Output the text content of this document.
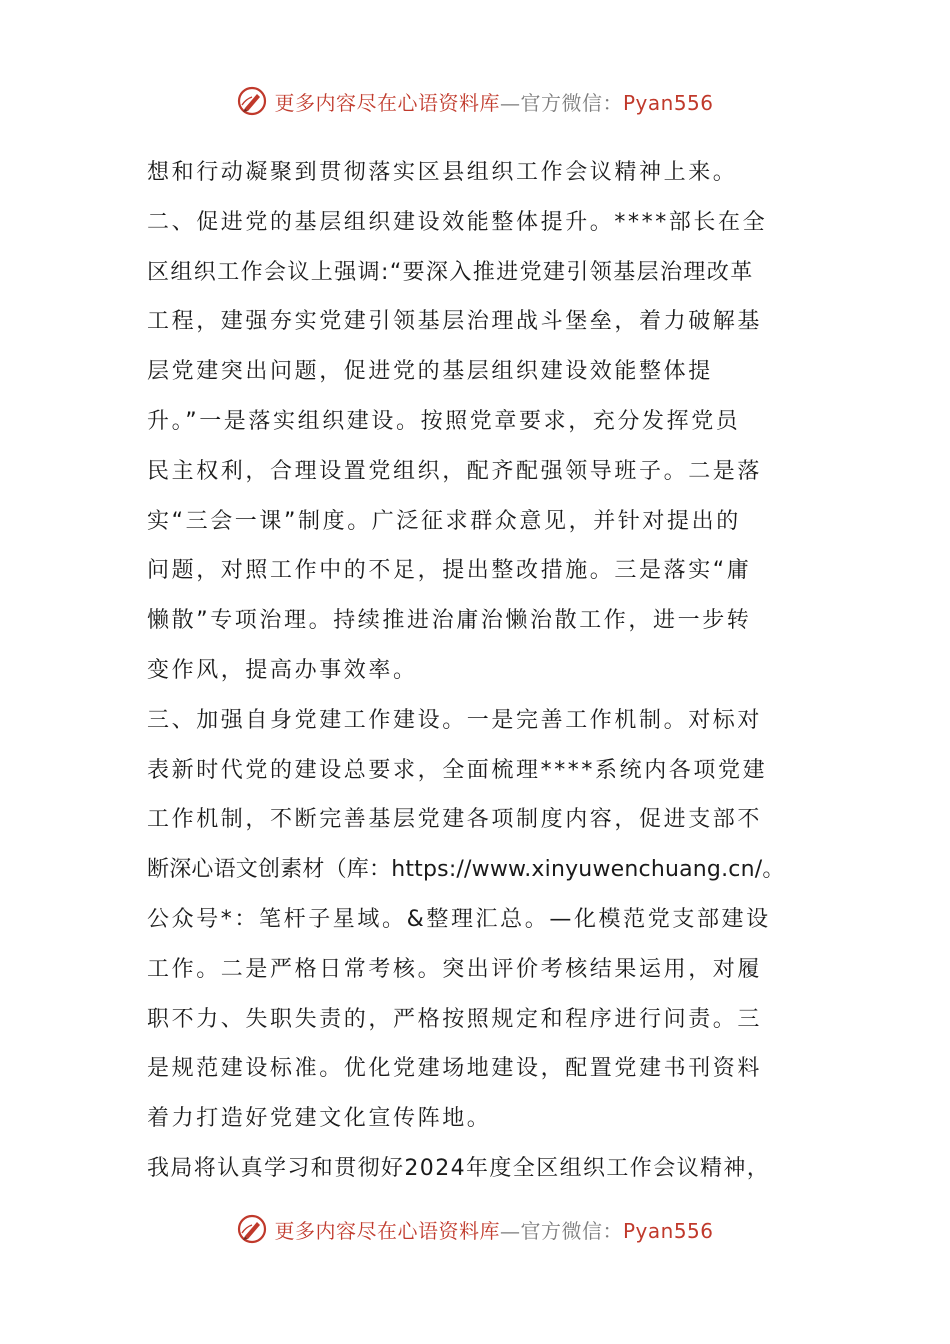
更多内容尽在心语资料库—官方微信：Pyan556
想和行动凝聚到贯彻落实区县组织工作会议精神上来。
二、促进党的基层组织建设效能整体提升。****部长在全
区组织工作会议上强调:“要深入推进党建引领基层治理改革
工程，建强夯实党建引领基层治理战斗堡垒，着力破解基
层党建突出问题，促进党的基层组织建设效能整体提
升。”一是落实组织建设。按照党章要求，充分发挥党员
民主权利，合理设置党组织，配齐配强领导班子。二是落
实“三会一课”制度。广泛征求群众意见，并针对提出的
问题，对照工作中的不足，提出整改措施。三是落实“庸
懒散”专项治理。持续推进治庸治懒治散工作，进一步转
变作风，提高办事效率。
三、加强自身党建工作建设。一是完善工作机制。对标对
表新时代党的建设总要求，全面梳理****系统内各项党建
工作机制，不断完善基层党建各项制度内容，促进支部不
断深心语文创素材（库：https://www.xinyuwenchuang.cn/。
公众号*：笔杆子星域。&整理汇总。—化模范党支部建设
工作。二是严格日常考核。突出评价考核结果运用，对履
职不力、失职失责的，严格按照规定和程序进行问责。三
是规范建设标准。优化党建场地建设，配置党建书刊资料
着力打造好党建文化宣传阵地。
我局将认真学习和贯彻好2024年度全区组织工作会议精神，
更多内容尽在心语资料库—官方微信：Pyan556
